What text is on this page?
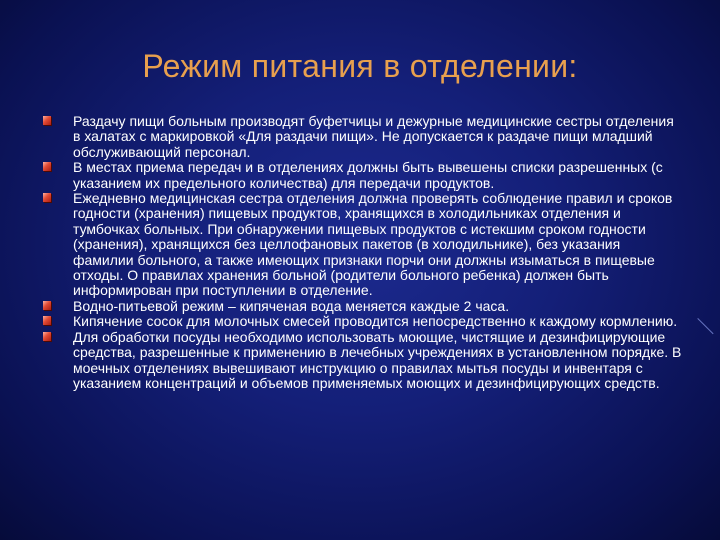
Режим питания в отделении:
Раздачу пищи больным производят буфетчицы и дежурные медицинские сестры отделения в халатах с маркировкой «Для раздачи пищи». Не допускается к раздаче пищи младший обслуживающий персонал.
В местах приема передач и в отделениях должны быть вывешены списки разрешенных (с указанием их предельного количества) для передачи продуктов.
Ежедневно медицинская сестра отделения должна проверять соблюдение правил и сроков годности (хранения) пищевых продуктов, хранящихся в холодильниках отделения и тумбочках больных. При обнаружении пищевых продуктов с истекшим сроком годности (хранения), хранящихся без целлофановых пакетов (в холодильнике), без указания фамилии больного, а также имеющих признаки порчи они должны изыматься в пищевые отходы. О правилах хранения больной (родители больного ребенка) должен быть информирован при поступлении в отделение.
Водно-питьевой режим – кипяченая вода меняется каждые 2 часа.
Кипячение сосок для молочных смесей проводится непосредственно к каждому кормлению.
Для обработки посуды необходимо использовать моющие, чистящие и дезинфицирующие средства, разрешенные к применению в лечебных учреждениях в установленном порядке. В моечных отделениях вывешивают инструкцию о правилах мытья посуды и инвентаря с указанием концентраций и объемов применяемых моющих и дезинфицирующих средств.
